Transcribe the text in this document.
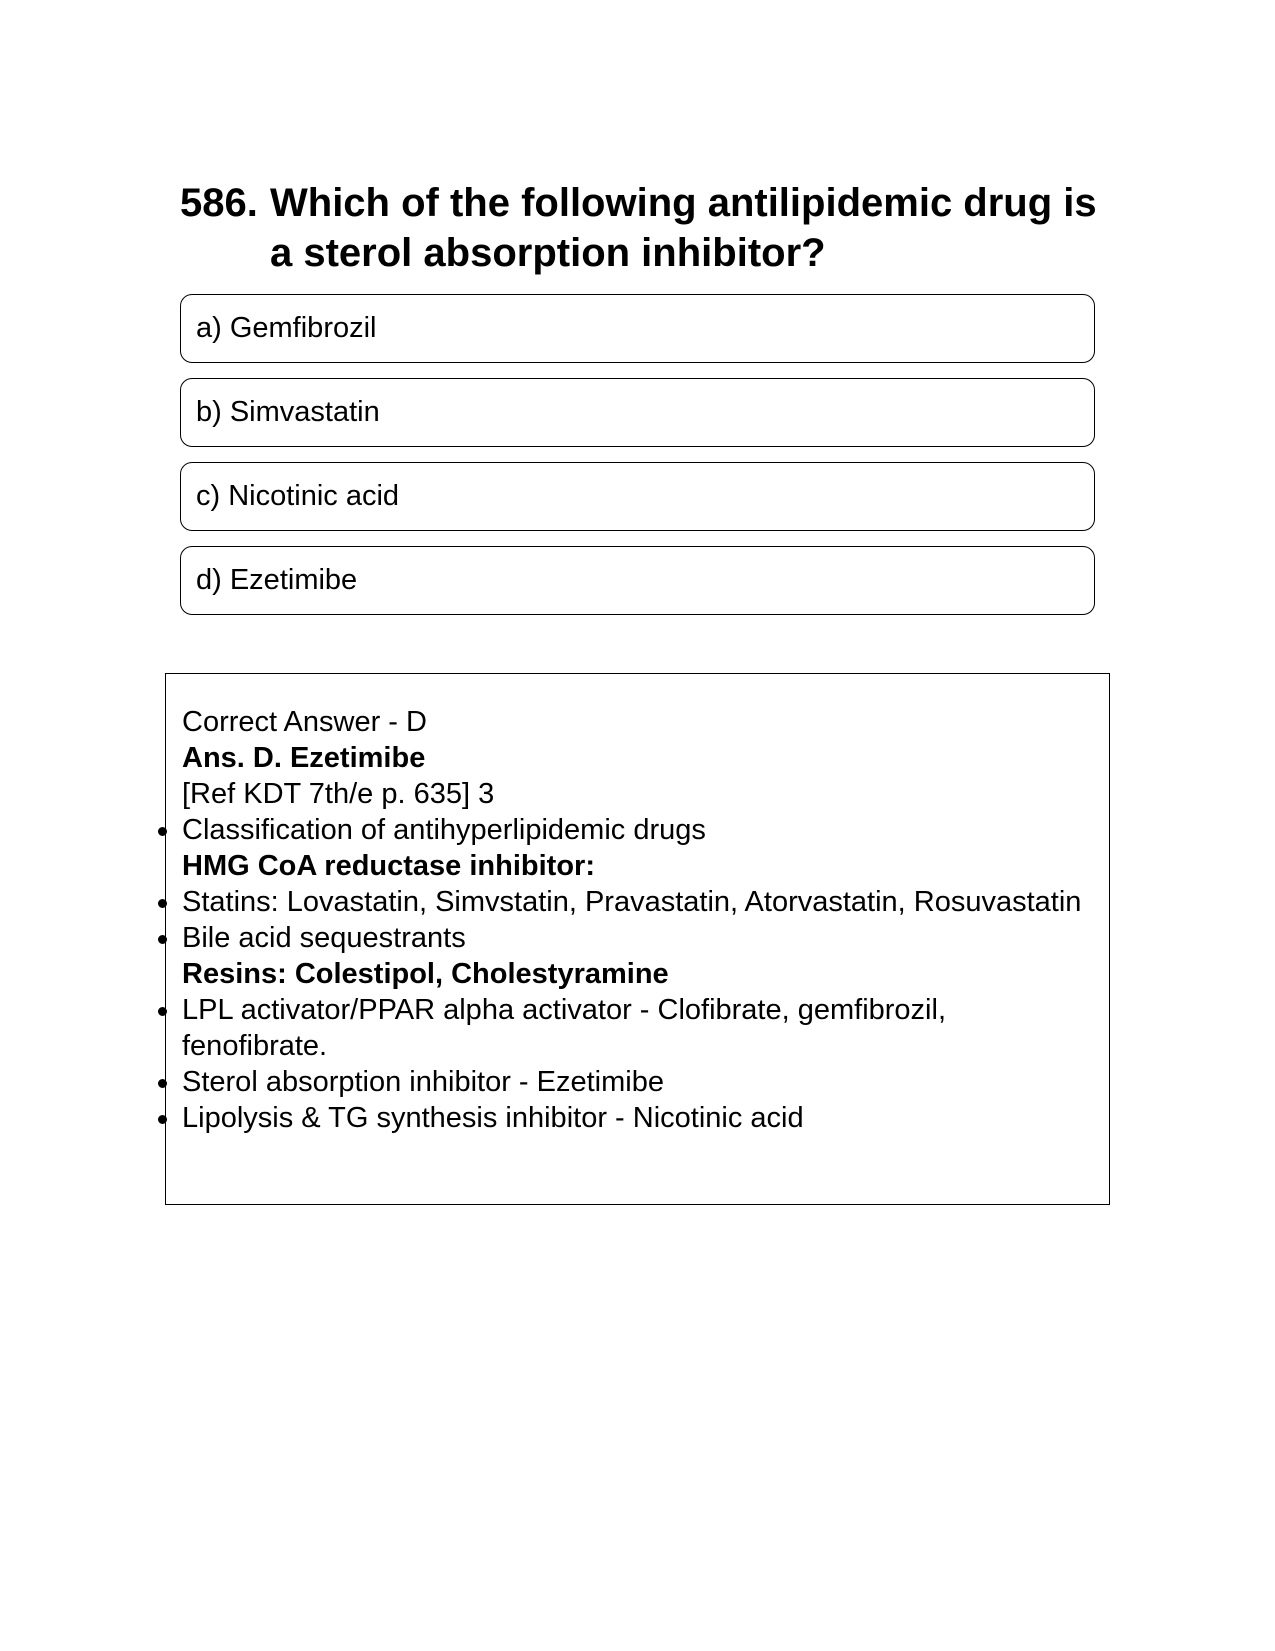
586. Which of the following antilipidemic drug is a sterol absorption inhibitor?
a) Gemfibrozil
b) Simvastatin
c) Nicotinic acid
d) Ezetimibe

Correct Answer - D

Ans. D. Ezetimibe

[Ref KDT 7th/e p. 635] 3

Classification of antihyperlipidemic drugs

HMG CoA reductase inhibitor:

Statins: Lovastatin, Simvstatin, Pravastatin, Atorvastatin, Rosuvastatin

Bile acid sequestrants

Resins: Colestipol, Cholestyramine

LPL activator/PPAR alpha activator - Clofibrate, gemfibrozil, fenofibrate.

Sterol absorption inhibitor - Ezetimibe

Lipolysis & TG synthesis inhibitor - Nicotinic acid
